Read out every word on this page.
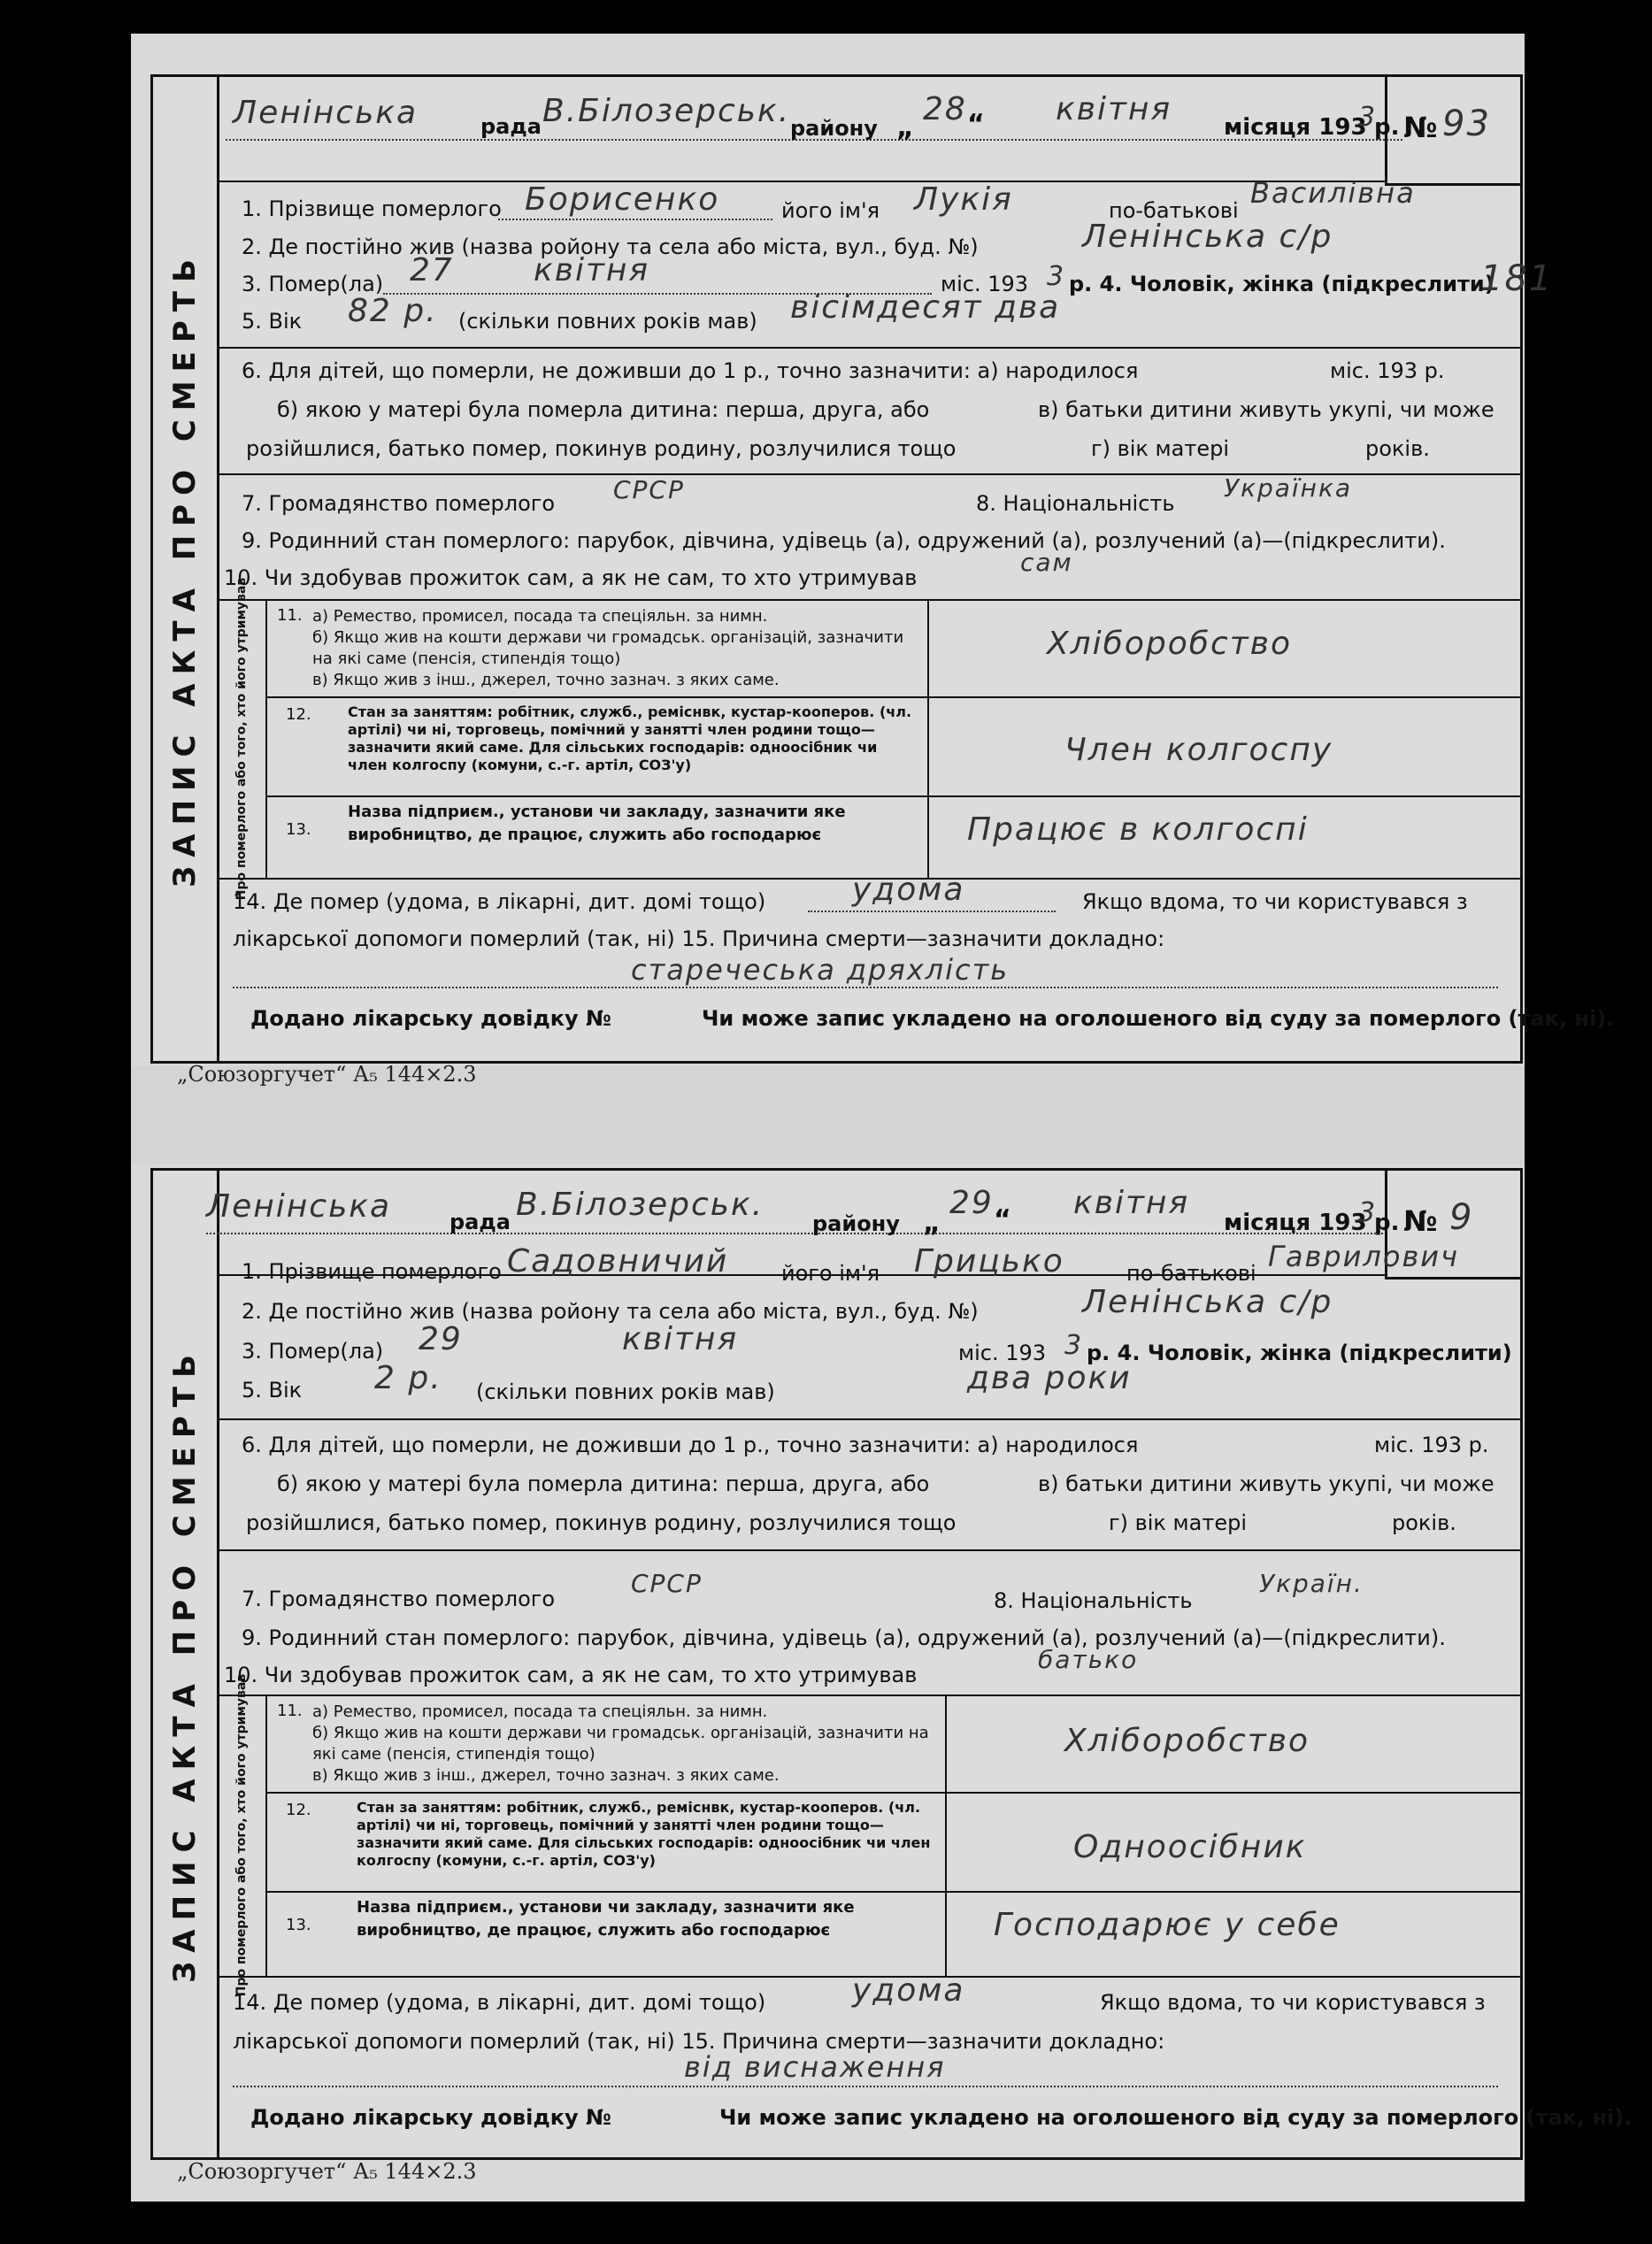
ЗАПИС АКТА ПРО СМЕРТЬ
№ 93
Ленінська	рада В.Білозерськ. району „
28 “ квітня місяця 193
3
р.
1. Прізвище померлого Борисенко	його ім'я Лукія	по-батькові
Василівна
2. Де постійно жив (назва ройону та села або міста, вул., буд. №)	Ленінська с/р
3. Помер(ла) 27	квітня	міс. 193 3 р. 4. Чоловік, жінка (підкреслити)
181
5. Вік 82 р. (скільки повних років мав) вісімдесят два
6. Для дітей, що померли, не доживши до 1 р., точно зазначити: а) народилося	міс. 193 р.
б) якою у матері була померла дитина: перша, друга, або	в) батьки дитини живуть укупі, чи може
розійшлися, батько помер, покинув родину, розлучилися тощо	г) вік матері	років.
7. Громадянство померлого СРСР	8. Національність
Українка
9. Родинний стан померлого: парубок, дівчина, удівець (а), одружений (а), розлучений (а)—(підкреслити).
10. Чи здобував прожиток сам, а як не сам, то хто утримував
сам
Про померлого або того, хто його утримував 11. а) Ремество, промисел, посада та спеціяльн. за нимн.
б) Якщо жив на кошти держави чи громадськ. організацій, зазначити на які саме (пенсія, стипендія тощо)
в) Якщо жив з інш., джерел, точно зазнач. з яких саме.
Хліборобство
12.	Стан за заняттям: робітник, служб., реміснвк, кустар-кооперов. (чл. артілі) чи ні, торговець, помічний у занятті член родини тощо—зазначити який саме. Для сільських господарів: одноосібник чи член колгоспу (комуни, с.-г. артіл, СОЗ'у)	Член колгоспу
13.
Назва підприєм., установи чи закладу, зазначити яке виробництво, де працює, служить або господарює	Працює в колгоспі
14. Де помер (удома, в лікарні, дит. домі тощо)	удома	Якщо вдома, то чи користувався з
лікарської допомоги померлий (так, ні) 15. Причина смерти—зазначити докладно:
старечеська дряхлість
Додано лікарську довідку №	Чи може запис укладено на оголошеного від суду за померлого (так, ні).
„Союзоргучет“ А₅ 144×2.3
ЗАПИС АКТА ПРО СМЕРТЬ
№ 9
Ленінська	рада В.Білозерськ.
району „
29 “ квітня
місяця 193
3
р.
1. Прізвище померлого Садовничий його ім'я Грицько	по-батькові Гаврилович
2. Де постійно жив (назва ройону та села або міста, вул., буд. №)	Ленінська с/р
3. Помер(ла) 29	квітня	міс. 193 3 р. 4. Чоловік, жінка (підкреслити)
5. Вік 2 р. (скільки повних років мав)	два роки
6. Для дітей, що померли, не доживши до 1 р., точно зазначити: а) народилося	міс. 193 р.
б) якою у матері була померла дитина: перша, друга, або	в) батьки дитини живуть укупі, чи може
розійшлися, батько помер, покинув родину, розлучилися тощо	г) вік матері	років.
7. Громадянство померлого
СРСР
8. Національність
Україн.
9. Родинний стан померлого: парубок, дівчина, удівець (а), одружений (а), розлучений (а)—(підкреслити).
10. Чи здобував прожиток сам, а як не сам, то хто утримував
батько
Про померлого або того, хто його утримував 11. а) Ремество, промисел, посада та спеціяльн. за нимн.
б) Якщо жив на кошти держави чи громадськ. організацій, зазначити на які саме (пенсія, стипендія тощо)
в) Якщо жив з інш., джерел, точно зазнач. з яких саме.
Хліборобство
12.	Стан за заняттям: робітник, служб., реміснвк, кустар-кооперов. (чл. артілі) чи ні, торговець, помічний у занятті член родини тощо—зазначити який саме. Для сільських господарів: одноосібник чи член колгоспу (комуни, с.-г. артіл, СОЗ'у)	Одноосібник
13.
Назва підприєм., установи чи закладу, зазначити яке виробництво, де працює, служить або господарює	Господарює у себе
14. Де помер (удома, в лікарні, дит. домі тощо)	удома	Якщо вдома, то чи користувався з
лікарської допомоги померлий (так, ні) 15. Причина смерти—зазначити докладно:
від виснаження
Додано лікарську довідку №	Чи може запис укладено на оголошеного від суду за померлого (так, ні).
„Союзоргучет“ А₅ 144×2.3
